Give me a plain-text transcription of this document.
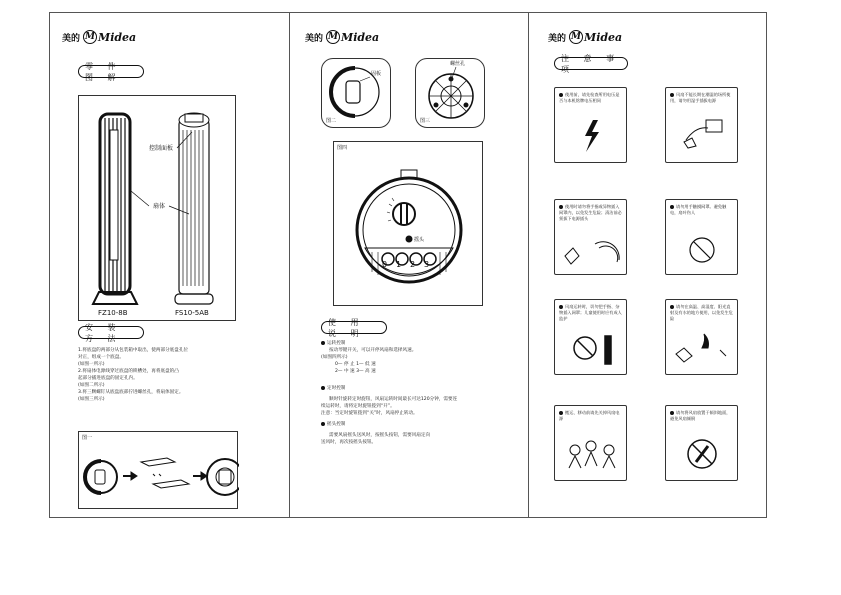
美的 M Midea
零 件 图 解
控制面板
扇体
FZ10-8B	FS10-5AB
安 装 方 法
1.将底盘的两部分从包装箱中取出，使两部分底盘孔位
对正，组成一个底盘。
(如图一所示)
2.将扇体电源线穿过底盘的锁槽处，再将底盘的凸
起部分插进底盘的固定孔内。
(如图二所示)
3.将三颗螺钉从底盘底部拧进螺丝孔，将扇体固定。
(如图三所示)
图一
美的 M Midea
固板
图二
螺丝孔
图三
图四
摇头
0 1 2 3
使 用 说 明
运转控制
按动琴键开关，可以开停风扇和选择风速。
(如图四所示)
0— 停 止 1— 低 速
2— 中 速 3— 高 速
定时控制
顺时针旋转定时旋钮，风扇运转时间最长可达120分钟，需要连
续运转时，请将定时旋钮拨到“开”。
注意：当定时旋钮拨到“关”时，风扇停止转动。
摇头控制
需要风扇摇头送风时，按摇头按钮，需要风扇定向
送风时，再次按摇头按钮。
美的 M Midea
注 意 事 项
使用前，请先检查所用电压是否与本机铭牌电压相同
风扇不能长期在潮湿的场所使用，请勿用湿手插拔电源
使用时请勿将手指或异物插入网罩内，以免发生危险；清洁前必须拔下电源插头
请勿用手触摸网罩。避免触电，扇叶伤人
风扇运转时，切勿把手指、杂物插入网罩；儿童使用时应有成人监护
请勿在高温、高湿度、阳光直射及有水的地方使用，以免发生危险
搬运、移动前请先关掉风扇电源
请勿将风扇放置于倾斜地面，避免风扇倾倒
